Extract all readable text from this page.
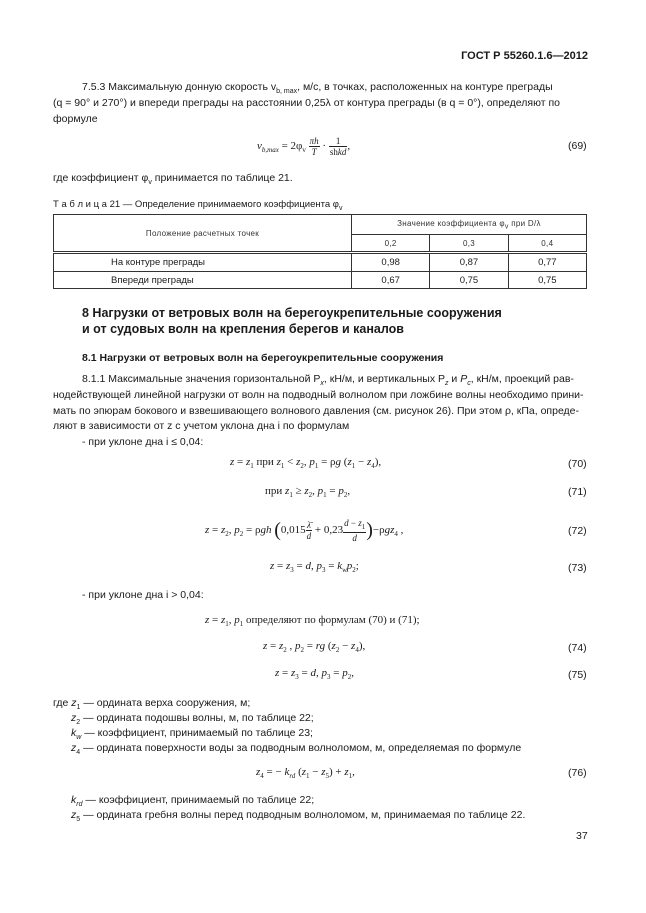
ГОСТ Р 55260.1.6—2012
7.5.3 Максимальную донную скорость $v_{b, max}$, м/с, в точках, расположенных на контуре преграды
(q = 90° и 270°) и впереди преграды на расстоянии 0,25λ от контура преграды (в q = 0°), определяют по
формуле
$v_{b,max} = 2\varphi_v \frac{\pi h}{T} \cdot \frac{1}{\text{shkd}}$ ,	(69)
где коэффициент $\varphi_v$ принимается по таблице 21.
Т а б л и ц а 21 — Определение принимаемого коэффициента $\varphi_v$
Положение расчетных точек	Значение коэффициента $\varphi_v$ при D/λ		
	0,2	0,3	0,4
На контуре преграды	0,98	0,87	0,77
Впереди преграды	0,67	0,75	0,75
8 Нагрузки от ветровых волн на берегоукрепительные сооружения
и от судовых волн на крепления берегов и каналов
8.1 Нагрузки от ветровых волн на берегоукрепительные сооружения
8.1.1 Максимальные значения горизонтальной $P_x$, кН/м, и вертикальных $P_z$ и $P_c$, кН/м, проекций рав-
нодействующей линейной нагрузки от волн на подводный волнолом при ложбине волны необходимо прини-
мать по эпюрам бокового и взвешивающего волнового давления (см. рисунок 26). При этом ρ, кПа, опреде-
ляют в зависимости от z с учетом уклона дна i по формулам
- при уклоне дна i ≤ 0,04:
$z = z_1$ при $z_1 < z_2$, $p_1 = \rho g$ $(z_1 - z_4)$,	(70)
при $z_1 \ge z_2$, $p_1 = p_2$,	(71)
$z = z_2$, $p_2 = \rho gh$ $(0,015 \frac{\lambdā}{d} + 0,23 \frac{d - z_1}{d} )-\rho gz_4$ ,	(72)
$z = z_3 = d$, $p_3 = k_wp_2$;	(73)
- при уклоне дна i > 0,04:
$z = z_1$, $p_1$ определяют по формулам (70) и (71);
$z = z_2$ , $p_2$ = rg $(z_2 - z_4)$,	(74)
$z = z_3 = d$, $p_3 = p_2$,	(75)
где $z_1$ — ордината верха сооружения, м;
$z_2$ — ордината подошвы волны, м, по таблице 22;
$k_w$ — коэффициент, принимаемый по таблице 23;
$z_4$ — ордината поверхности воды за подводным волноломом, м, определяемая по формуле
$z_4$ = − $k_{rd}$ $(z_1 - z_5) + z_1$,	(76)
$k_{rd}$ — коэффициент, принимаемый по таблице 22;
$z_5$ — ордината гребня волны перед подводным волноломом, м, принимаемая по таблице 22.
37
